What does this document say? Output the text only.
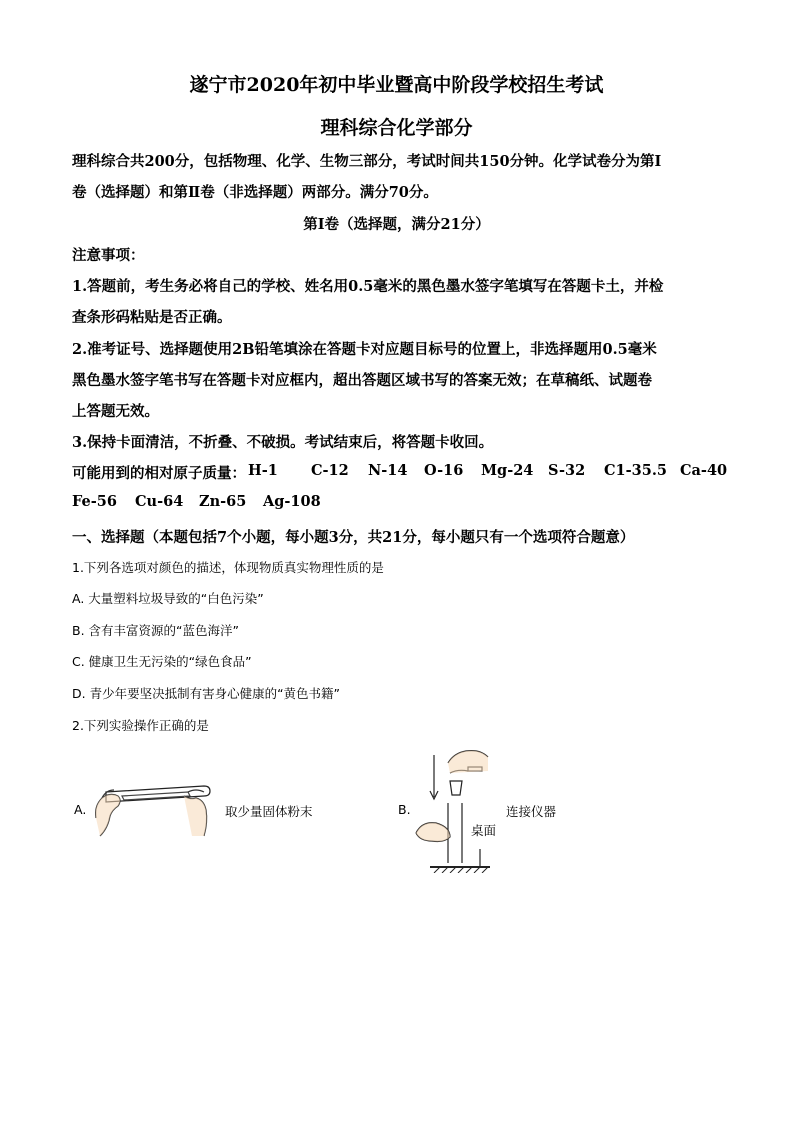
遂宁市2020年初中毕业暨高中阶段学校招生考试
理科综合化学部分
理科综合共200分，包括物理、化学、生物三部分，考试时间共150分钟。化学试卷分为第I
卷（选择题）和第Ⅱ卷（非选择题）两部分。满分70分。
第I卷（选择题，满分21分）
注意事项：
1.答题前，考生务必将自己的学校、姓名用0.5毫米的黑色墨水签字笔填写在答题卡土，并检
查条形码粘贴是否正确。
2.准考证号、选择题使用2B铅笔填涂在答题卡对应题目标号的位置上，非选择题用0.5毫米
黑色墨水签字笔书写在答题卡对应框内，超出答题区域书写的答案无效；在草稿纸、试题卷
上答题无效。
3.保持卡面清洁，不折叠、不破损。考试结束后，将答题卡收回。
可能用到的相对原子质量： H-1 C-12 N-14 O-16 Mg-24 S-32 C1-35.5 Ca-40
Fe-56 Cu-64 Zn-65 Ag-108
一、选择题（本题包括7个小题，每小题3分，共21分，每小题只有一个选项符合题意）
1.下列各选项对颜色的描述，体现物质真实物理性质的是
A. 大量塑料垃圾导致的“白色污染”
B. 含有丰富资源的“蓝色海洋”
C. 健康卫生无污染的“绿色食品”
D. 青少年要坚决抵制有害身心健康的“黄色书籍”
2.下列实验操作正确的是
A.	取少量固体粉末	B.
桌面
连接仪器
